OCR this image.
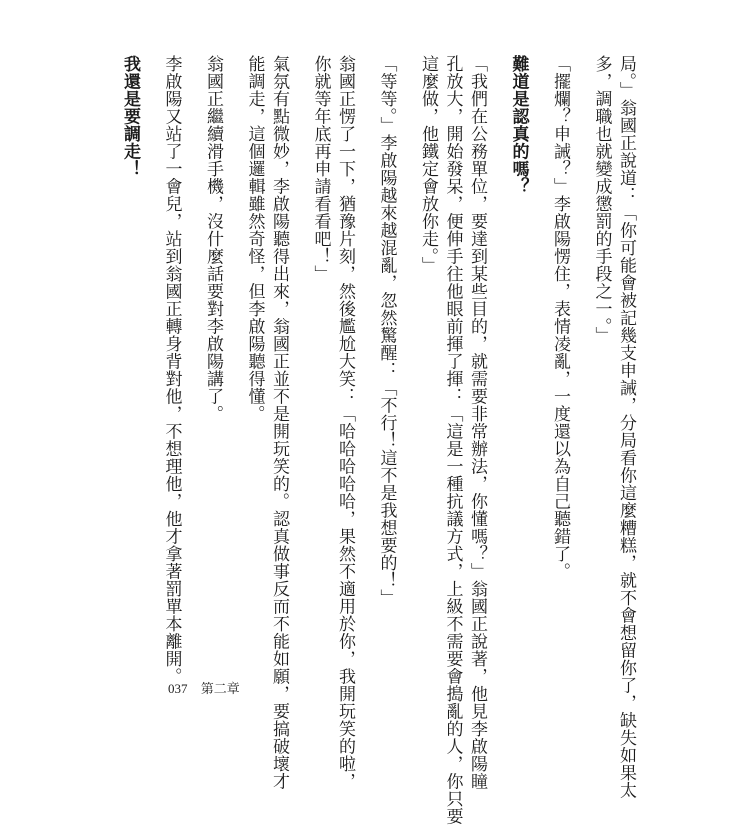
局。」翁國正說道：「你可能會被記幾支申誡，分局看你這麼糟糕，就不會想留你了，缺失如果太
多，調職也就變成懲罰的手段之一。」
「擺爛？申誡？」李啟陽愣住，表情凌亂，一度還以為自己聽錯了。
難道是認真的嗎？
「我們在公務單位，要達到某些目的，就需要非常辦法，你懂嗎？」翁國正說著，他見李啟陽瞳
孔放大，開始發呆，便伸手往他眼前揮了揮：「這是一種抗議方式，上級不需要會搗亂的人，你只要
這麼做，他鐵定會放你走。」
「等等。」李啟陽越來越混亂，忽然驚醒：「不行！這不是我想要的！」
翁國正愣了一下，猶豫片刻，然後尷尬大笑：「哈哈哈哈哈，果然不適用於你，我開玩笑的啦，
你就等年底再申請看看吧！」
氣氛有點微妙，李啟陽聽得出來，翁國正並不是開玩笑的。認真做事反而不能如願，要搞破壞才
能調走，這個邏輯雖然奇怪，但李啟陽聽得懂。
翁國正繼續滑手機，沒什麼話要對李啟陽講了。
李啟陽又站了一會兒，站到翁國正轉身背對他，不想理他，他才拿著罰單本離開。
我還是要調走！
037 第二章
